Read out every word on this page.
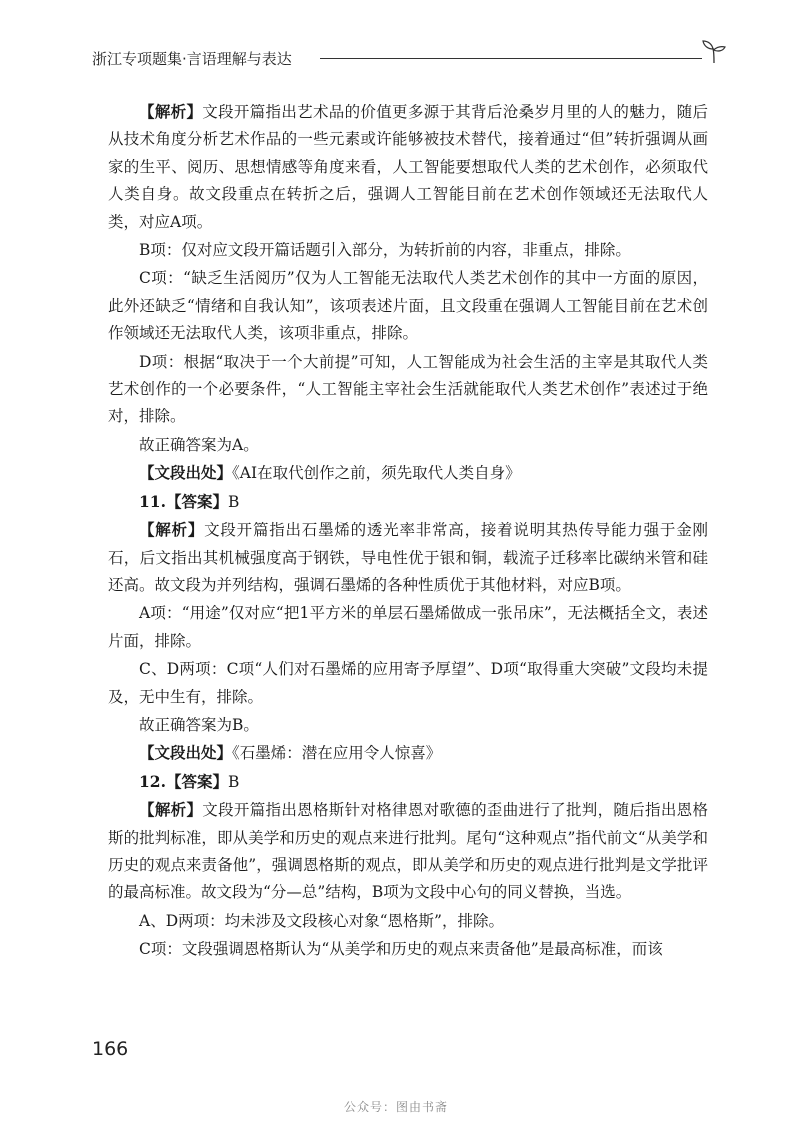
浙江专项题集·言语理解与表达

【解析】文段开篇指出艺术品的价值更多源于其背后沧桑岁月里的人的魅力，随后从技术角度分析艺术作品的一些元素或许能够被技术替代，接着通过“但”转折强调从画家的生平、阅历、思想情感等角度来看，人工智能要想取代人类的艺术创作，必须取代人类自身。故文段重点在转折之后，强调人工智能目前在艺术创作领域还无法取代人类，对应A项。

B项：仅对应文段开篇话题引入部分，为转折前的内容，非重点，排除。

C项：“缺乏生活阅历”仅为人工智能无法取代人类艺术创作的其中一方面的原因，此外还缺乏“情绪和自我认知”，该项表述片面，且文段重在强调人工智能目前在艺术创作领域还无法取代人类，该项非重点，排除。

D项：根据“取决于一个大前提”可知，人工智能成为社会生活的主宰是其取代人类艺术创作的一个必要条件，“人工智能主宰社会生活就能取代人类艺术创作”表述过于绝对，排除。

故正确答案为A。

【文段出处】《AI在取代创作之前，须先取代人类自身》

11.【答案】B

【解析】文段开篇指出石墨烯的透光率非常高，接着说明其热传导能力强于金刚石，后文指出其机械强度高于钢铁，导电性优于银和铜，载流子迁移率比碳纳米管和硅还高。故文段为并列结构，强调石墨烯的各种性质优于其他材料，对应B项。

A项：“用途”仅对应“把1平方米的单层石墨烯做成一张吊床”，无法概括全文，表述片面，排除。

C、D两项：C项“人们对石墨烯的应用寄予厚望”、D项“取得重大突破”文段均未提及，无中生有，排除。

故正确答案为B。

【文段出处】《石墨烯：潜在应用令人惊喜》

12.【答案】B

【解析】文段开篇指出恩格斯针对格律恩对歌德的歪曲进行了批判，随后指出恩格斯的批判标准，即从美学和历史的观点来进行批判。尾句“这种观点”指代前文“从美学和历史的观点来责备他”，强调恩格斯的观点，即从美学和历史的观点进行批判是文学批评的最高标准。故文段为“分—总”结构，B项为文段中心句的同义替换，当选。

A、D两项：均未涉及文段核心对象“恩格斯”，排除。

C项：文段强调恩格斯认为“从美学和历史的观点来责备他”是最高标准，而该

166
公众号：图由书斋
